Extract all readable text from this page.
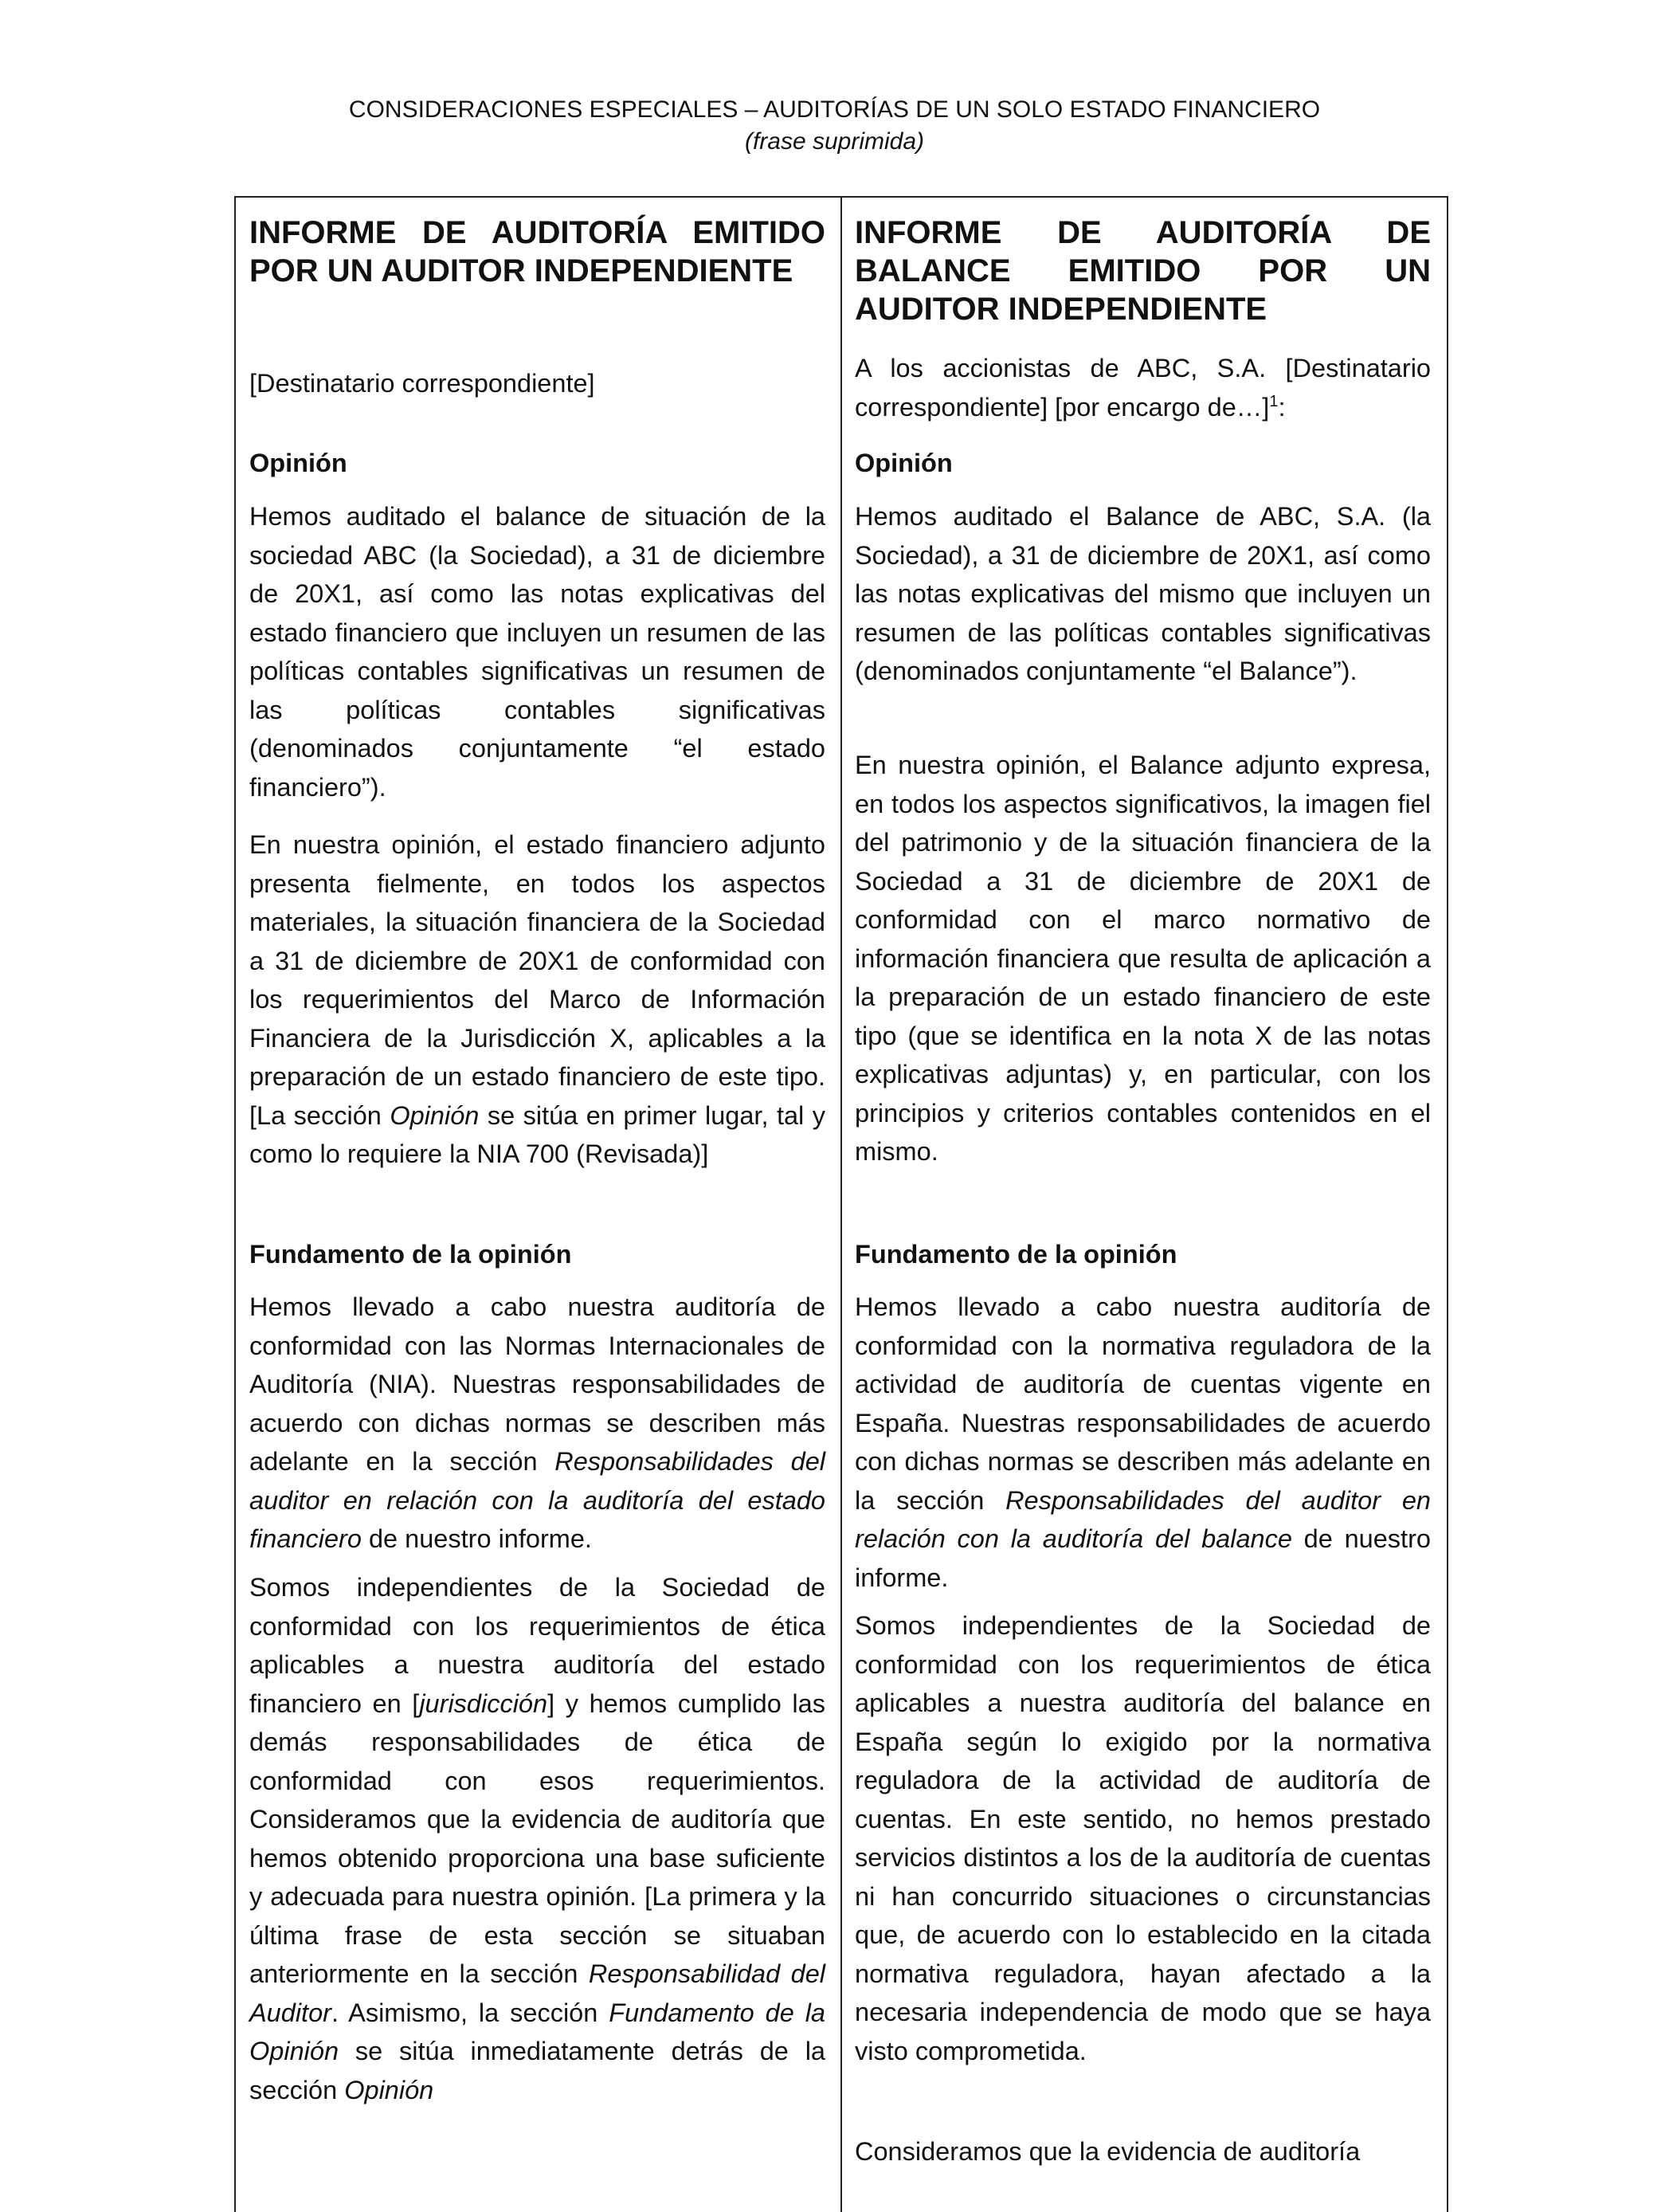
CONSIDERACIONES ESPECIALES – AUDITORÍAS DE UN SOLO ESTADO FINANCIERO
(frase suprimida)
INFORME DE AUDITORÍA EMITIDO
POR UN AUDITOR INDEPENDIENTE
[Destinatario correspondiente]
Opinión
Hemos auditado el balance de situación de la sociedad ABC (la Sociedad), a 31 de diciembre de 20X1, así como las notas explicativas del estado financiero que incluyen un resumen de las políticas contables significativas un resumen de las políticas contables significativas (denominados conjuntamente “el estado financiero”).
En nuestra opinión, el estado financiero adjunto presenta fielmente, en todos los aspectos materiales, la situación financiera de la Sociedad a 31 de diciembre de 20X1 de conformidad con los requerimientos del Marco de Información Financiera de la Jurisdicción X, aplicables a la preparación de un estado financiero de este tipo. [La sección Opinión se sitúa en primer lugar, tal y como lo requiere la NIA 700 (Revisada)]
Fundamento de la opinión
Hemos llevado a cabo nuestra auditoría de conformidad con las Normas Internacionales de Auditoría (NIA). Nuestras responsabilidades de acuerdo con dichas normas se describen más adelante en la sección Responsabilidades del auditor en relación con la auditoría del estado financiero de nuestro informe.
Somos independientes de la Sociedad de conformidad con los requerimientos de ética aplicables a nuestra auditoría del estado financiero en [jurisdicción] y hemos cumplido las demás responsabilidades de ética de conformidad con esos requerimientos. Consideramos que la evidencia de auditoría que hemos obtenido proporciona una base suficiente y adecuada para nuestra opinión. [La primera y la última frase de esta sección se situaban anteriormente en la sección Responsabilidad del Auditor. Asimismo, la sección Fundamento de la Opinión se sitúa inmediatamente detrás de la sección Opinión
INFORME DE AUDITORÍA DE
BALANCE EMITIDO POR UN
AUDITOR INDEPENDIENTE
A los accionistas de ABC, S.A. [Destinatario correspondiente] [por encargo de…]$^1$:
Opinión
Hemos auditado el Balance de ABC, S.A. (la Sociedad), a 31 de diciembre de 20X1, así como las notas explicativas del mismo que incluyen un resumen de las políticas contables significativas (denominados conjuntamente “el Balance”).
En nuestra opinión, el Balance adjunto expresa, en todos los aspectos significativos, la imagen fiel del patrimonio y de la situación financiera de la Sociedad a 31 de diciembre de 20X1 de conformidad con el marco normativo de información financiera que resulta de aplicación a la preparación de un estado financiero de este tipo (que se identifica en la nota X de las notas explicativas adjuntas) y, en particular, con los principios y criterios contables contenidos en el mismo.
Fundamento de la opinión
Hemos llevado a cabo nuestra auditoría de conformidad con la normativa reguladora de la actividad de auditoría de cuentas vigente en España. Nuestras responsabilidades de acuerdo con dichas normas se describen más adelante en la sección Responsabilidades del auditor en relación con la auditoría del balance de nuestro informe.
Somos independientes de la Sociedad de conformidad con los requerimientos de ética aplicables a nuestra auditoría del balance en España según lo exigido por la normativa reguladora de la actividad de auditoría de cuentas. En este sentido, no hemos prestado servicios distintos a los de la auditoría de cuentas ni han concurrido situaciones o circunstancias que, de acuerdo con lo establecido en la citada normativa reguladora, hayan afectado a la necesaria independencia de modo que se haya visto comprometida.
Consideramos que la evidencia de auditoría
